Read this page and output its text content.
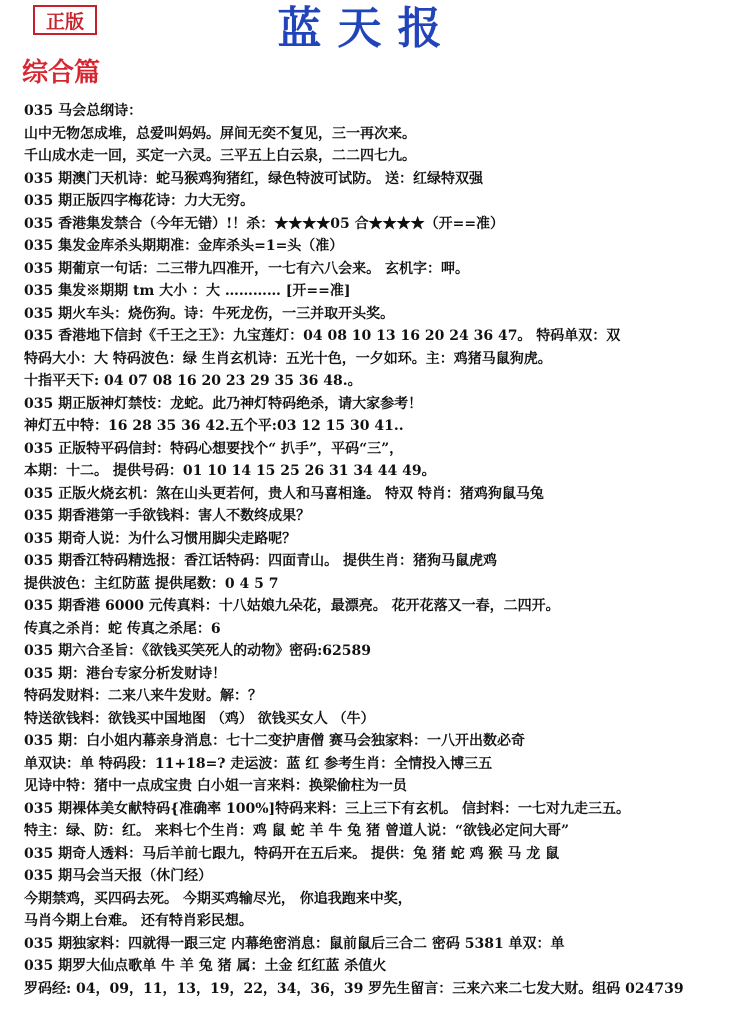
正版	蓝天报
综合篇
035 马会总纲诗：
山中无物怎成堆，总爱叫妈妈。屏间无奕不复见，三一再次来。
千山成水走一回，买定一六灵。三平五上白云泉，二二四七九。
035 期澳门天机诗：蛇马猴鸡狗猪红，绿色特波可试防。 送：红绿特双强
035 期正版四字梅花诗：力大无穷。
035 香港集发禁合（今年无错）!！杀：★★★★05 合★★★★（开==准）
035 集发金库杀头期期准：金库杀头=1=头（准）
035 期葡京一句话：二三带九四准开，一七有六八会来。 玄机字：呷。
035 集发※期期 tm 大小 ：大 ………… [开==准]
035 期火车头：烧伤狗。诗：牛死龙伤，一三并取开头奖。
035 香港地下信封《千王之王》：九宝莲灯：04 08 10 13 16 20 24 36 47。 特码单双：双
特码大小：大 特码波色：绿 生肖玄机诗：五光十色，一夕如环。主：鸡猪马鼠狗虎。
十指平天下: 04 07 08 16 20 23 29 35 36 48.。
035 期正版神灯禁忮：龙蛇。此乃神灯特码绝杀，请大家参考！
神灯五中特：16 28 35 36 42.五个平:03 12 15 30 41..
035 正版特平码信封：特码心想要找个“ 扒手”，平码“三”，
本期：十二。 提供号码：01 10 14 15 25 26 31 34 44 49。
035 正版火烧玄机：煞在山头更若何，贵人和马喜相逢。 特双 特肖：猪鸡狗鼠马兔
035 期香港第一手欲钱料：害人不数终成果？
035 期奇人说：为什么习惯用脚尖走路呢？
035 期香江特码精选报：香江话特码：四面青山。 提供生肖：猪狗马鼠虎鸡
提供波色：主红防蓝 提供尾数：0 4 5 7
035 期香港 6000 元传真料：十八姑娘九朵花，最漂亮。 花开花落又一春，二四开。
传真之杀肖：蛇 传真之杀尾：6
035 期六合圣旨：《欲钱买笑死人的动物》密码:62589
035 期：港台专家分析发财诗！
特码发财料：二来八来牛发财。解：？
特送欲钱料：欲钱买中国地图 （鸡） 欲钱买女人 （牛）
035 期：白小姐内幕亲身消息：七十二变护唐僧 赛马会独家料：一八开出数必奇
单双诀：单 特码段：11+18=? 走运波：蓝 红 参考生肖：全情投入博三五
见诗中特：猪中一点成宝贵 白小姐一言来料：换梁偷柱为一员
035 期裸体美女献特码{准确率 100%]特码来料：三上三下有玄机。 信封料：一七对九走三五。
特主：绿、防：红。 来料七个生肖：鸡 鼠 蛇 羊 牛 兔 猪 曾道人说：“欲钱必定问大哥”
035 期奇人透料：马后羊前七跟九，特码开在五后来。 提供：兔 猪 蛇 鸡 猴 马 龙 鼠
035 期马会当天报（休门经）
今期禁鸡，买四码去死。 今期买鸡输尽光， 你追我跑来中奖，
马肖今期上台难。 还有特肖彩民想。
035 期独家料：四就得一跟三定 内幕绝密消息：鼠前鼠后三合二 密码 5381 单双：单
035 期罗大仙点歌单 牛 羊 兔 猪 属：土金 红红蓝 杀值火
罗码经: 04，09，11，13，19，22，34，36，39 罗先生留言：三来六来二七发大财。组码 024739
